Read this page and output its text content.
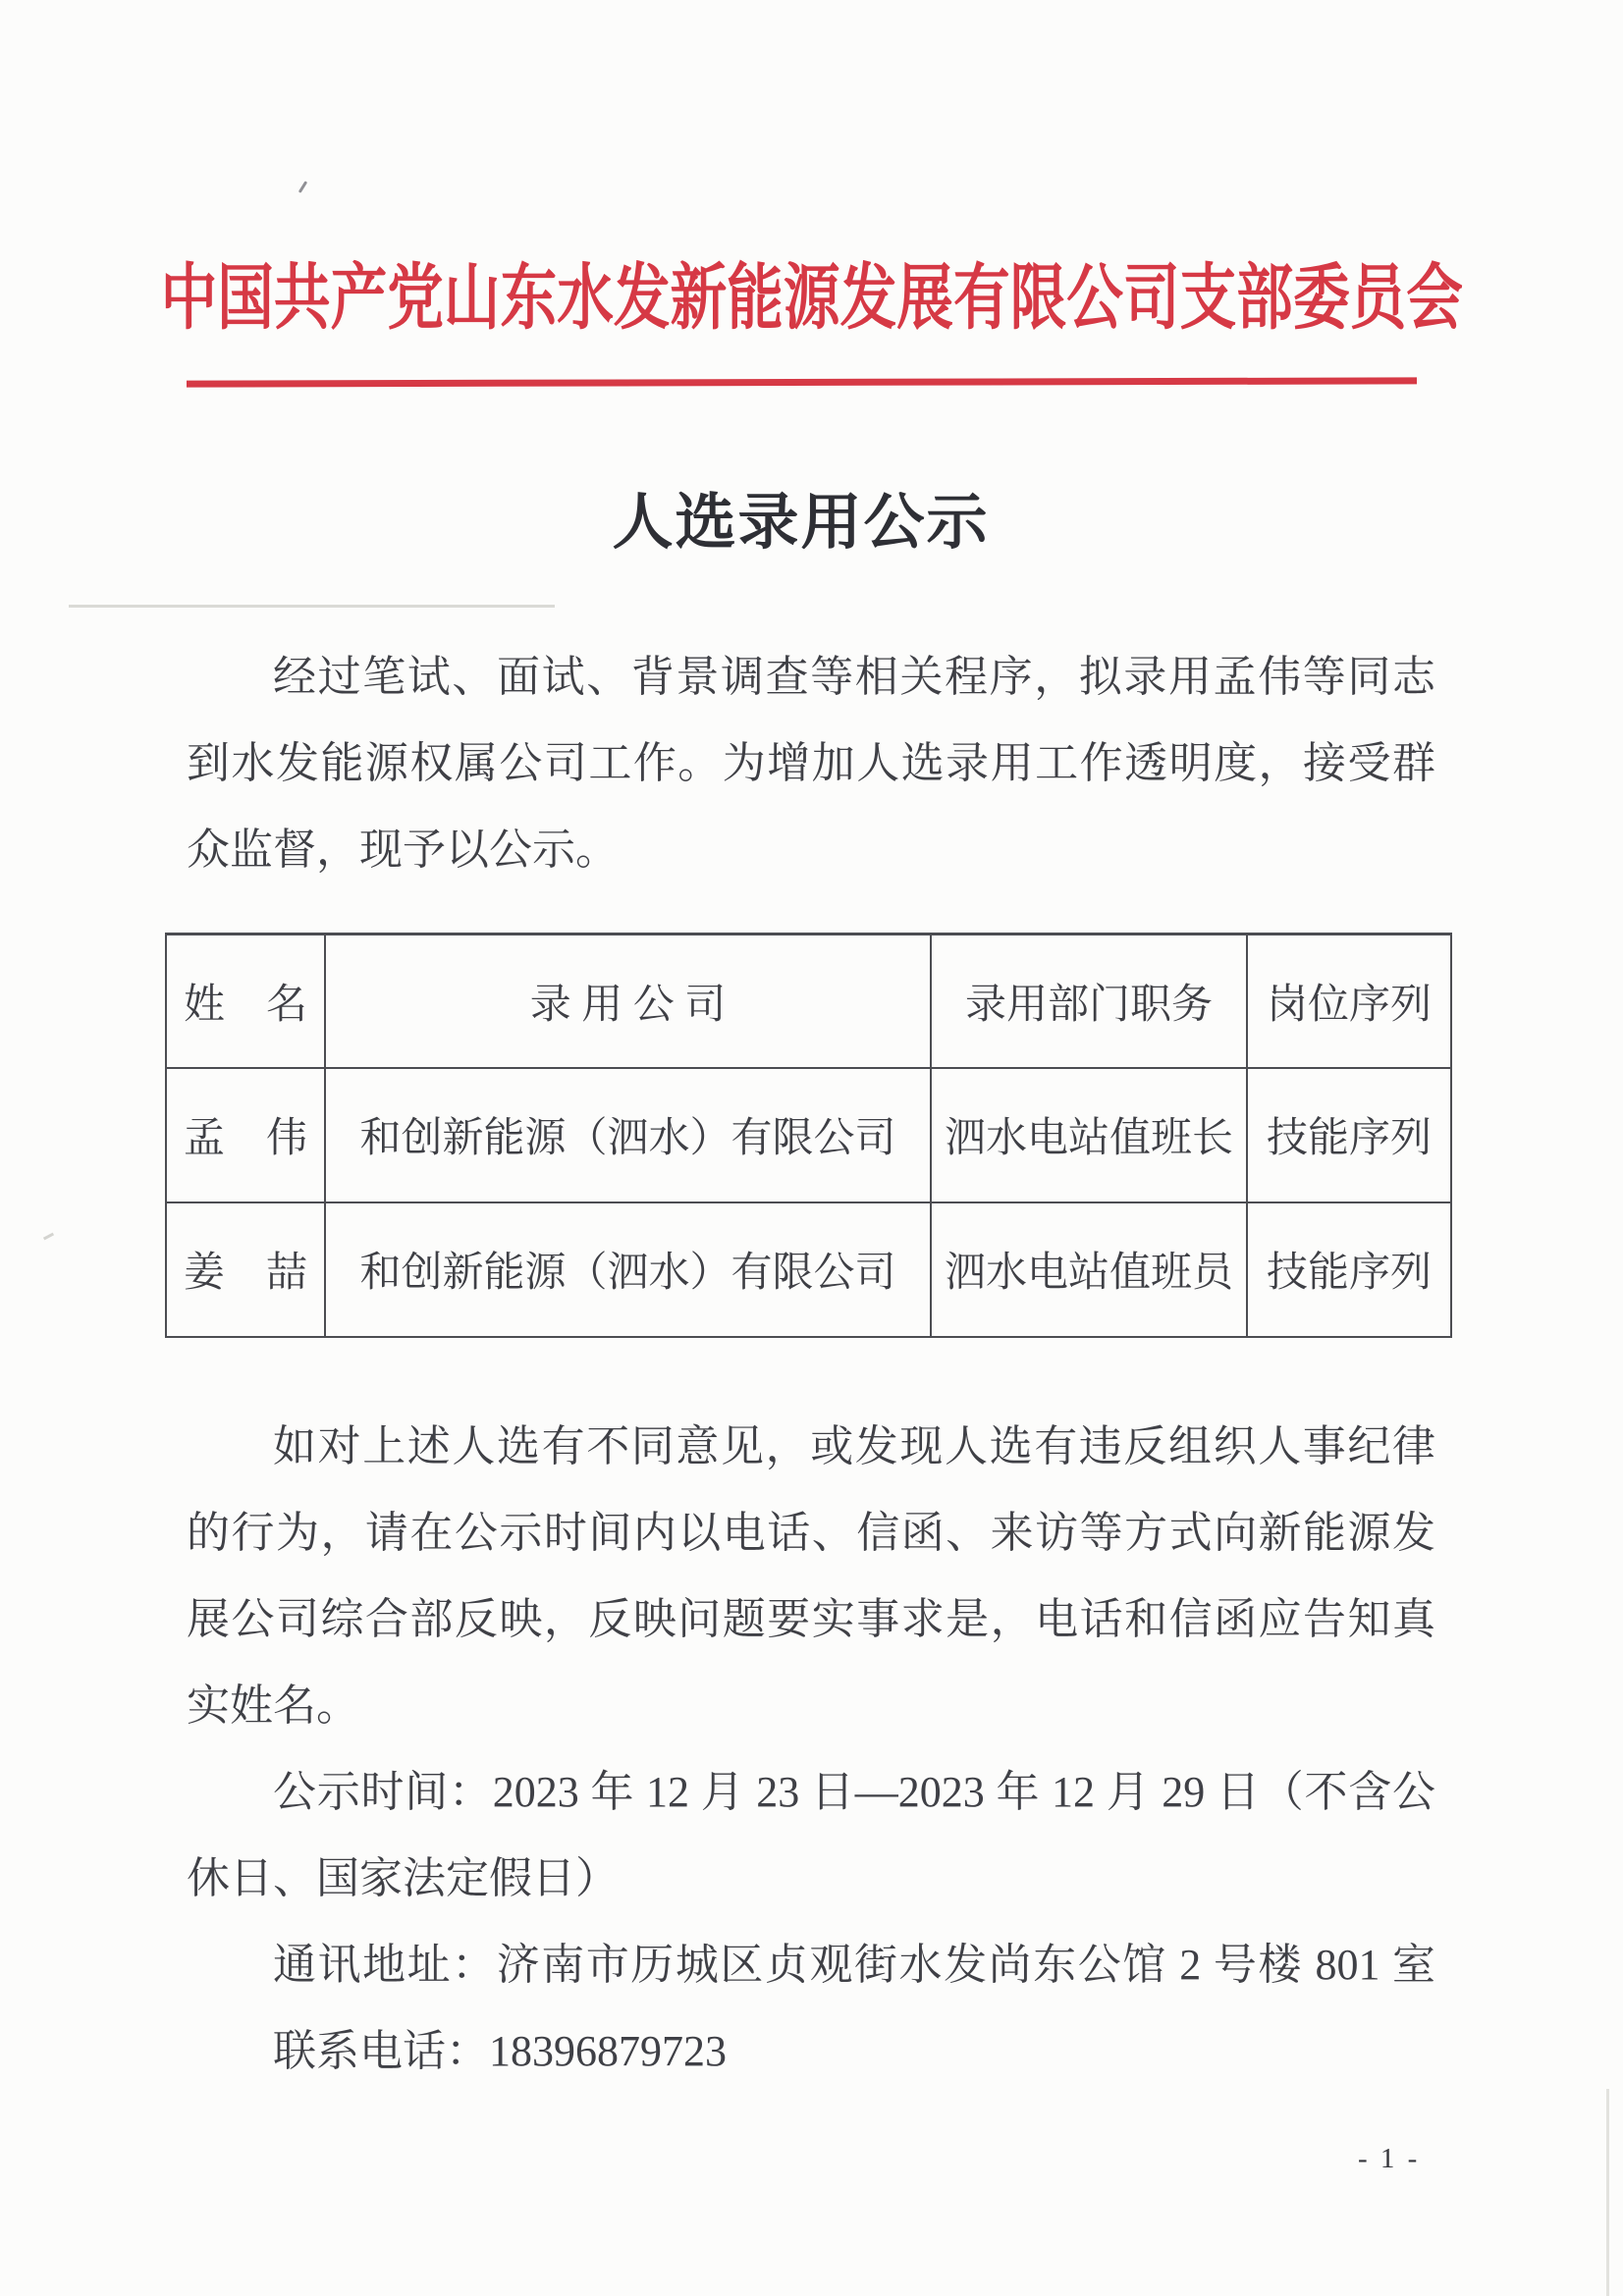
中国共产党山东水发新能源发展有限公司支部委员会
人选录用公示
经过笔试、面试、背景调查等相关程序，拟录用孟伟等同志
到水发能源权属公司工作。为增加人选录用工作透明度，接受群
众监督，现予以公示。
姓　名	录 用 公 司	录用部门职务	岗位序列
孟　伟	和创新能源（泗水）有限公司	泗水电站值班长	技能序列
姜　喆	和创新能源（泗水）有限公司	泗水电站值班员	技能序列
如对上述人选有不同意见，或发现人选有违反组织人事纪律
的行为，请在公示时间内以电话、信函、来访等方式向新能源发
展公司综合部反映，反映问题要实事求是，电话和信函应告知真
实姓名。
公示时间：2023 年 12 月 23 日—2023 年 12 月 29 日（不含公
休日、国家法定假日）
通讯地址：济南市历城区贞观街水发尚东公馆 2 号楼 801 室
联系电话：18396879723
- 1 -
